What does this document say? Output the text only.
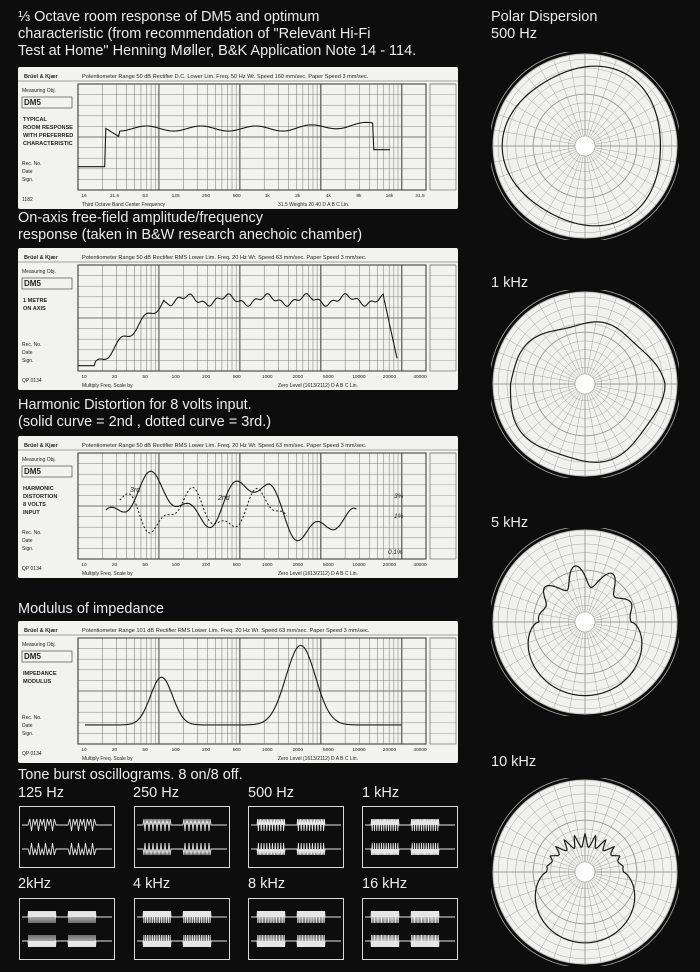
⅓ Octave room response of DM5 and optimum
characteristic (from recommendation of "Relevant Hi-Fi
Test at Home" Henning Møller, B&K Application Note 14 - 114.
On-axis free-field amplitude/frequency
response (taken in B&W research anechoic chamber)
Harmonic Distortion for 8 volts input.
(solid curve = 2nd , dotted curve = 3rd.)
Modulus of impedance
Tone burst oscillograms. 8 on/8 off.
Polar Dispersion
Brüel & Kjær	Potentiometer Range 50 dB Rectifier D.C. Lower Lim. Freq. 50 Hz Wr. Speed 160 mm/sec. Paper Speed 3 mm/sec.
Measuring Obj.
DM5
TYPICAL
ROOM RESPONSE
WITH PREFERRED
CHARACTERISTIC
Rec. No.
Date
Sign.
1182
16	31.5	63	125	250	500	1k	2k	4k	8k	16k	31.5
Third Octave Band Center Frequency	31.5 Weights 20 40 D A B C Lin.
Brüel & Kjær	Potentiometer Range 50 dB Rectifier RMS Lower Lim. Freq. 20 Hz Wr. Speed 63 mm/sec. Paper Speed 3 mm/sec.
Measuring Obj.
DM5
1 METRE
ON AXIS
Rec. No.
Date
Sign.
QP 0134
10	20	50	100	200	500	1000	2000	5000	10000	20000	40000
Multiply Freq. Scale by	Zero Level (1613/2112) D A B C Lin.
Brüel & Kjær	Potentiometer Range 50 dB Rectifier RMS Lower Lim. Freq. 20 Hz Wr. Speed 63 mm/sec. Paper Speed 3 mm/sec.
Measuring Obj.
DM5
HARMONIC
DISTORTION
8 VOLTS
INPUT
Rec. No.
Date
Sign.
QP 0134
10	20	50	100	200	500	1000	2000	5000	10000	20000	40000
Multiply Freq. Scale by	Zero Level (1613/2112) D A B C Lin.
3rd
2nd	3%
1%
0.1%
Brüel & Kjær	Potentiometer Range 101 dB Rectifier RMS Lower Lim. Freq. 20 Hz Wr. Speed 63 mm/sec. Paper Speed 3 mm/sec.
Measuring Obj.
DM5
IMPEDANCE
MODULUS
Rec. No.
Date
Sign.
QP 0134
10	20	50	100	200	500	1000	2000	5000	10000	20000	40000
Multiply Freq. Scale by	Zero Level (1613/2112) D A B C Lin.
125 Hz	250 Hz	500 Hz	1 kHz
2kHz	4 kHz	8 kHz	16 kHz
500 Hz
1 kHz
5 kHz
10 kHz
